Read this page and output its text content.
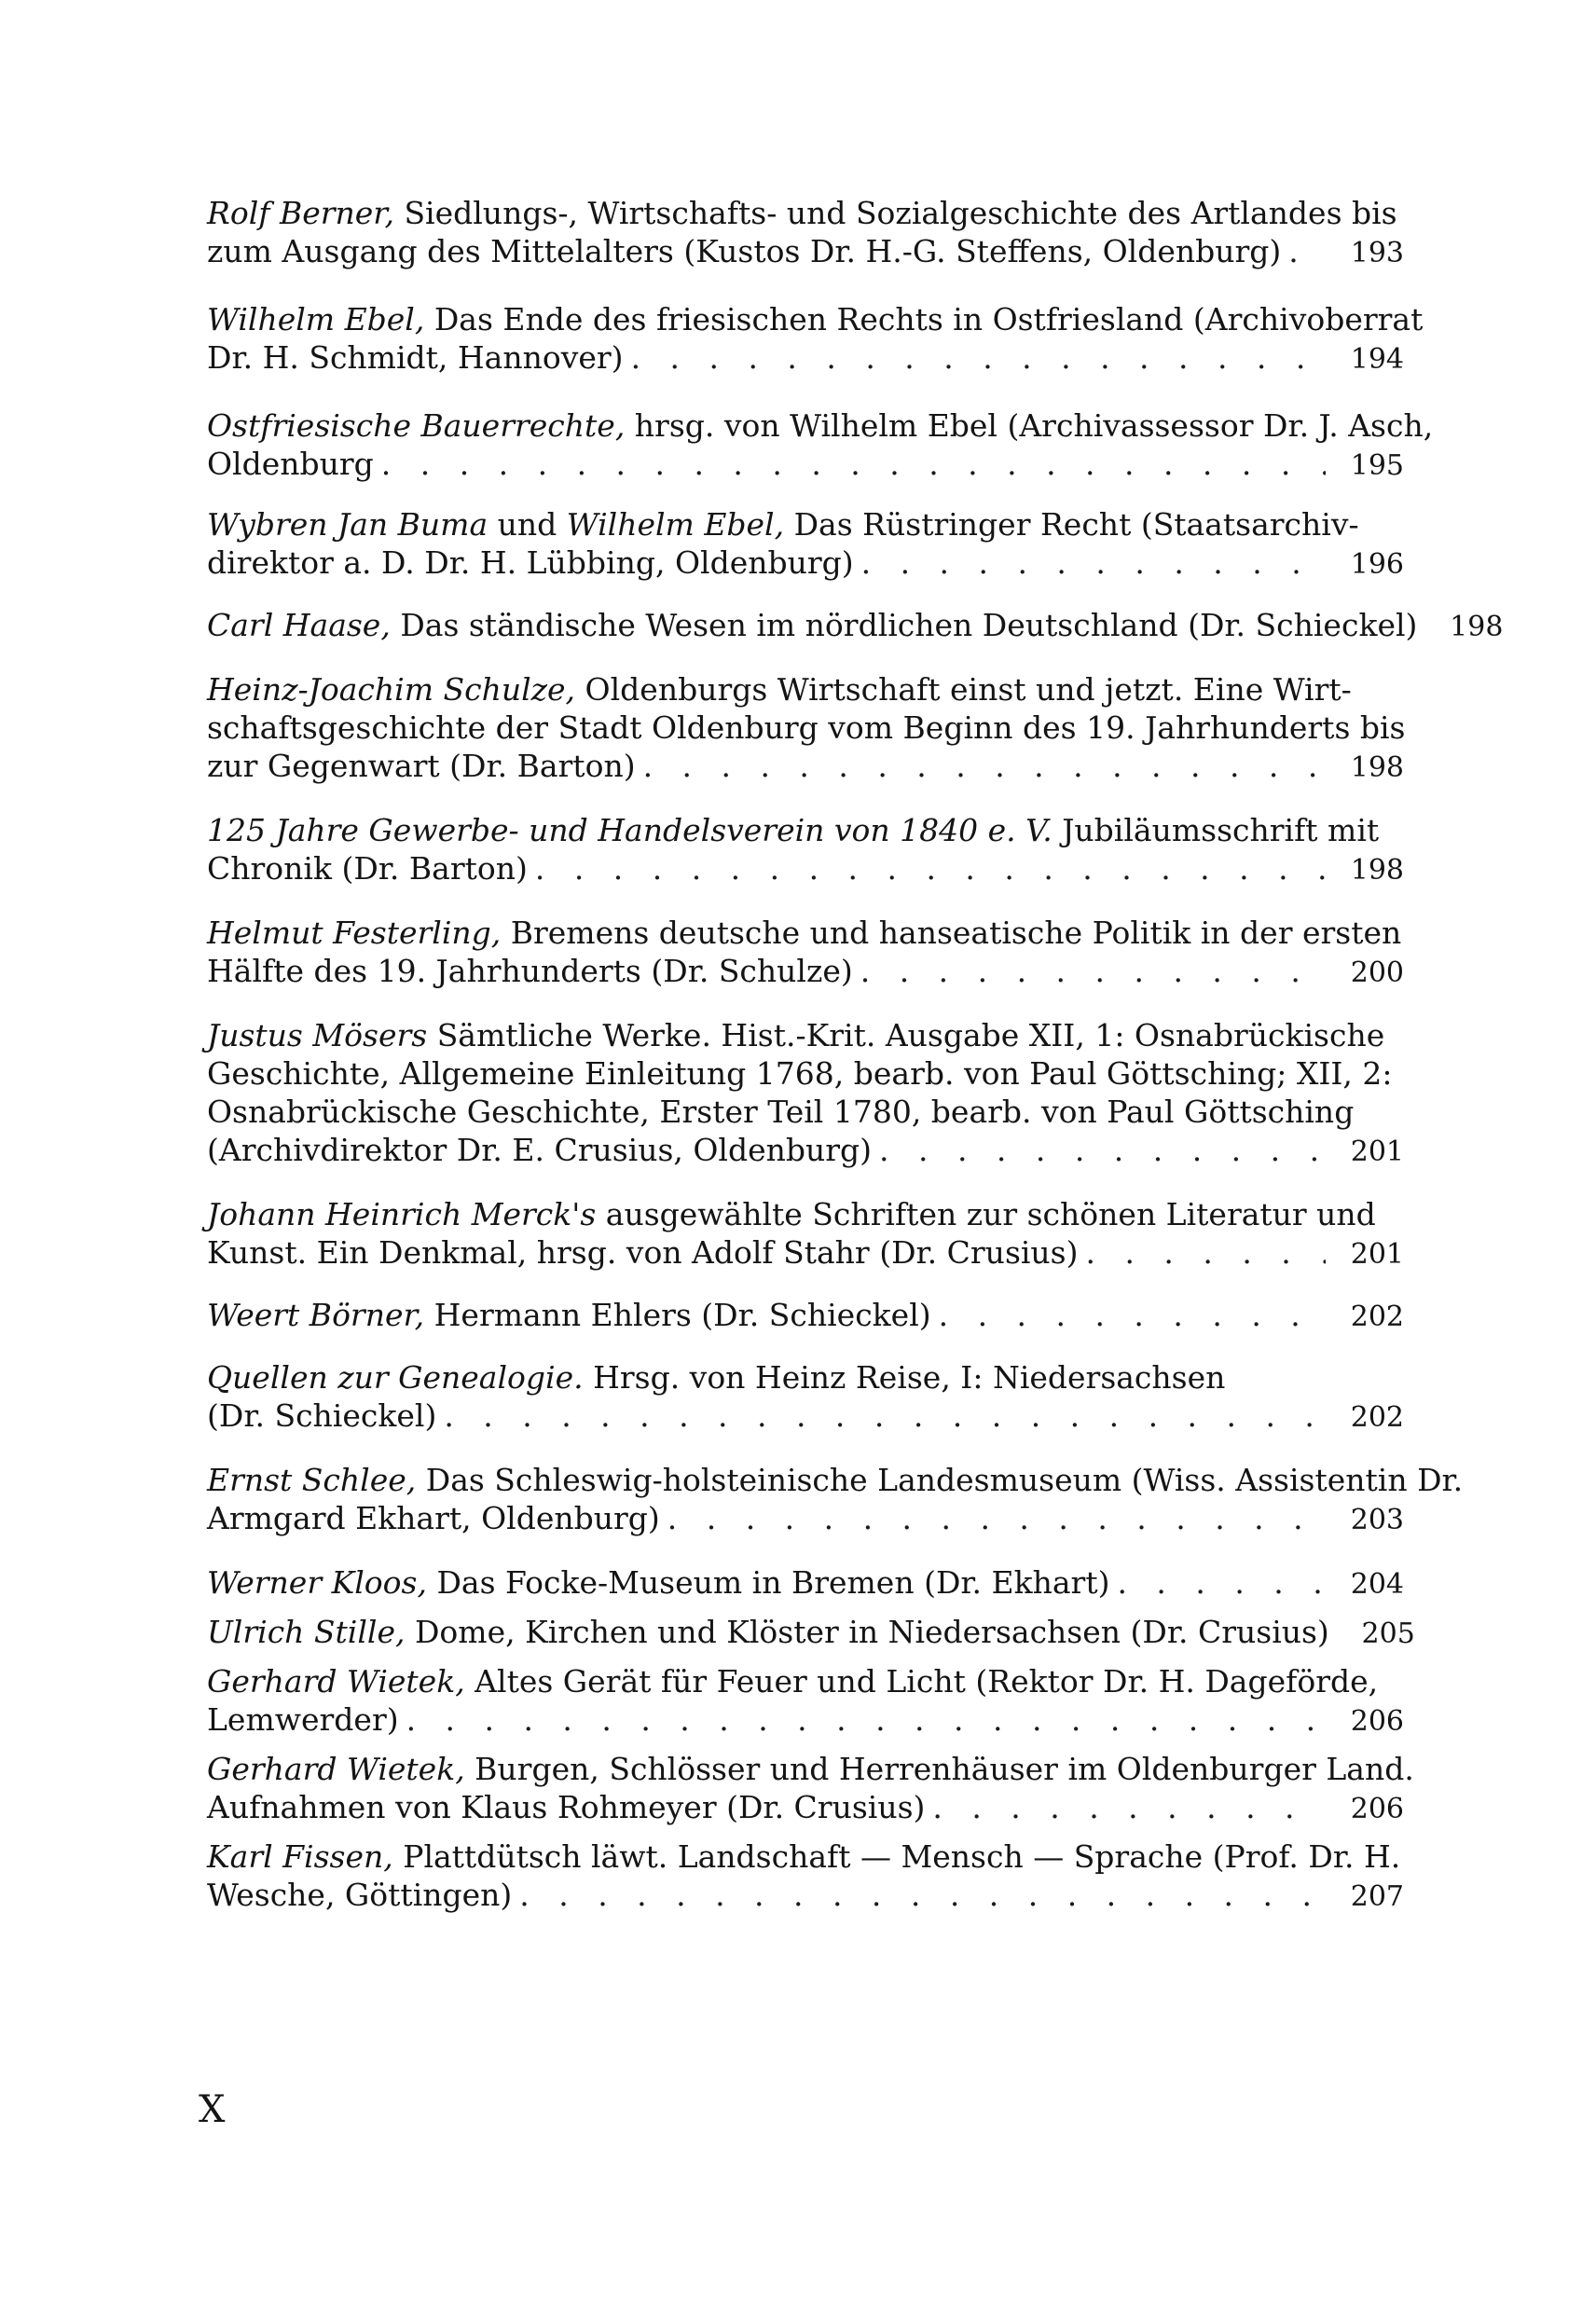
Rolf Berner, Siedlungs-, Wirtschafts- und Sozialgeschichte des Artlandes bis
zum Ausgang des Mittelalters (Kustos Dr. H.-G. Steffens, Oldenburg) .   .	193
Wilhelm Ebel, Das Ende des friesischen Rechts in Ostfriesland (Archivoberrat
Dr. H. Schmidt, Hannover) .   .	194
Ostfriesische Bauerrechte, hrsg. von Wilhelm Ebel (Archivassessor Dr. J. Asch,
Oldenburg .   .	195
Wybren Jan Buma und Wilhelm Ebel, Das Rüstringer Recht (Staatsarchiv-
direktor a. D. Dr. H. Lübbing, Oldenburg) .   .	196
Carl Haase, Das ständische Wesen im nördlichen Deutschland (Dr. Schieckel)	198
Heinz-Joachim Schulze, Oldenburgs Wirtschaft einst und jetzt. Eine Wirt-
schaftsgeschichte der Stadt Oldenburg vom Beginn des 19. Jahrhunderts bis
zur Gegenwart (Dr. Barton) .   .	198
125 Jahre Gewerbe- und Handelsverein von 1840 e. V. Jubiläumsschrift mit
Chronik (Dr. Barton) .   .	198
Helmut Festerling, Bremens deutsche und hanseatische Politik in der ersten
Hälfte des 19. Jahrhunderts (Dr. Schulze) .   .	200
Justus Mösers Sämtliche Werke. Hist.-Krit. Ausgabe XII, 1: Osnabrückische
Geschichte, Allgemeine Einleitung 1768, bearb. von Paul Göttsching; XII, 2:
Osnabrückische Geschichte, Erster Teil 1780, bearb. von Paul Göttsching
(Archivdirektor Dr. E. Crusius, Oldenburg) .   .	201
Johann Heinrich Merck's ausgewählte Schriften zur schönen Literatur und
Kunst. Ein Denkmal, hrsg. von Adolf Stahr (Dr. Crusius) .   .	201
Weert Börner, Hermann Ehlers (Dr. Schieckel) .   .	202
Quellen zur Genealogie. Hrsg. von Heinz Reise, I: Niedersachsen
(Dr. Schieckel) .   .	202
Ernst Schlee, Das Schleswig-holsteinische Landesmuseum (Wiss. Assistentin Dr.
Armgard Ekhart, Oldenburg) .   .	203
Werner Kloos, Das Focke-Museum in Bremen (Dr. Ekhart) .   .	204
Ulrich Stille, Dome, Kirchen und Klöster in Niedersachsen (Dr. Crusius)	205
Gerhard Wietek, Altes Gerät für Feuer und Licht (Rektor Dr. H. Dageförde,
Lemwerder) .   .	206
Gerhard Wietek, Burgen, Schlösser und Herrenhäuser im Oldenburger Land.
Aufnahmen von Klaus Rohmeyer (Dr. Crusius) .   .	206
Karl Fissen, Plattdütsch läwt. Landschaft — Mensch — Sprache (Prof. Dr. H.
Wesche, Göttingen) .   .	207
X
